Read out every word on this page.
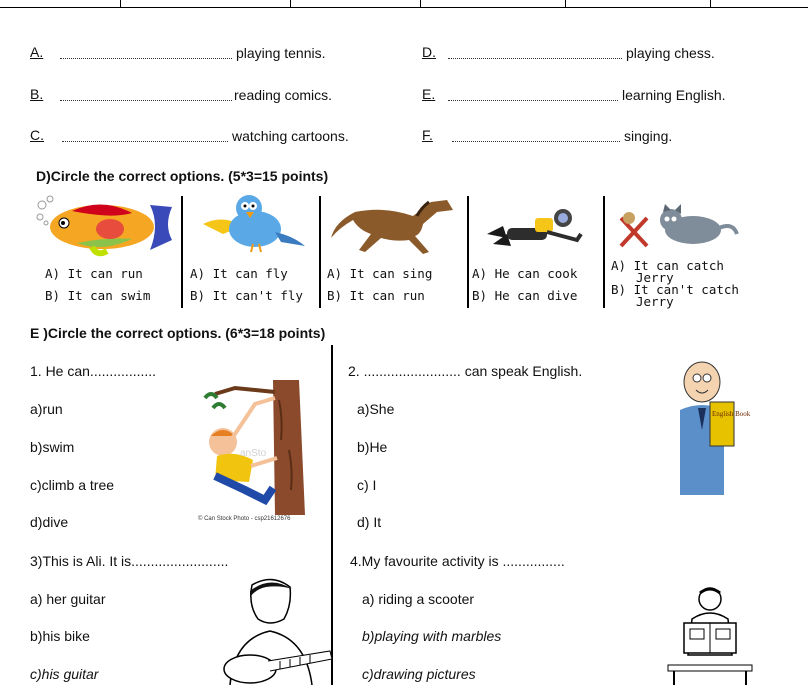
A.	playing tennis.
B.	reading comics.
C.	watching cartoons.
D.	playing chess.
E.	learning English.
F.	singing.
D)Circle the correct options. (5*3=15 points)
A) It can run
B) It can swim
A) It can fly
B) It can't fly
A) It can sing
B) It can run
A) He can cook
B) He can dive
A) It can catch
Jerry
B) It can't catch
Jerry
E )Circle the correct options. (6*3=18 points)
1. He can.................
a)run
b)swim
c)climb a tree
d)dive
anSto
© Can Stock Photo - csp21612676
2. ......................... can speak English.
a)She
b)He
c) I
d) It
English Book
3)This is Ali. It is.........................
a) her guitar
b)his bike
c)his guitar
4.My favourite activity is ................
a) riding a scooter
b)playing with marbles
c)drawing pictures
